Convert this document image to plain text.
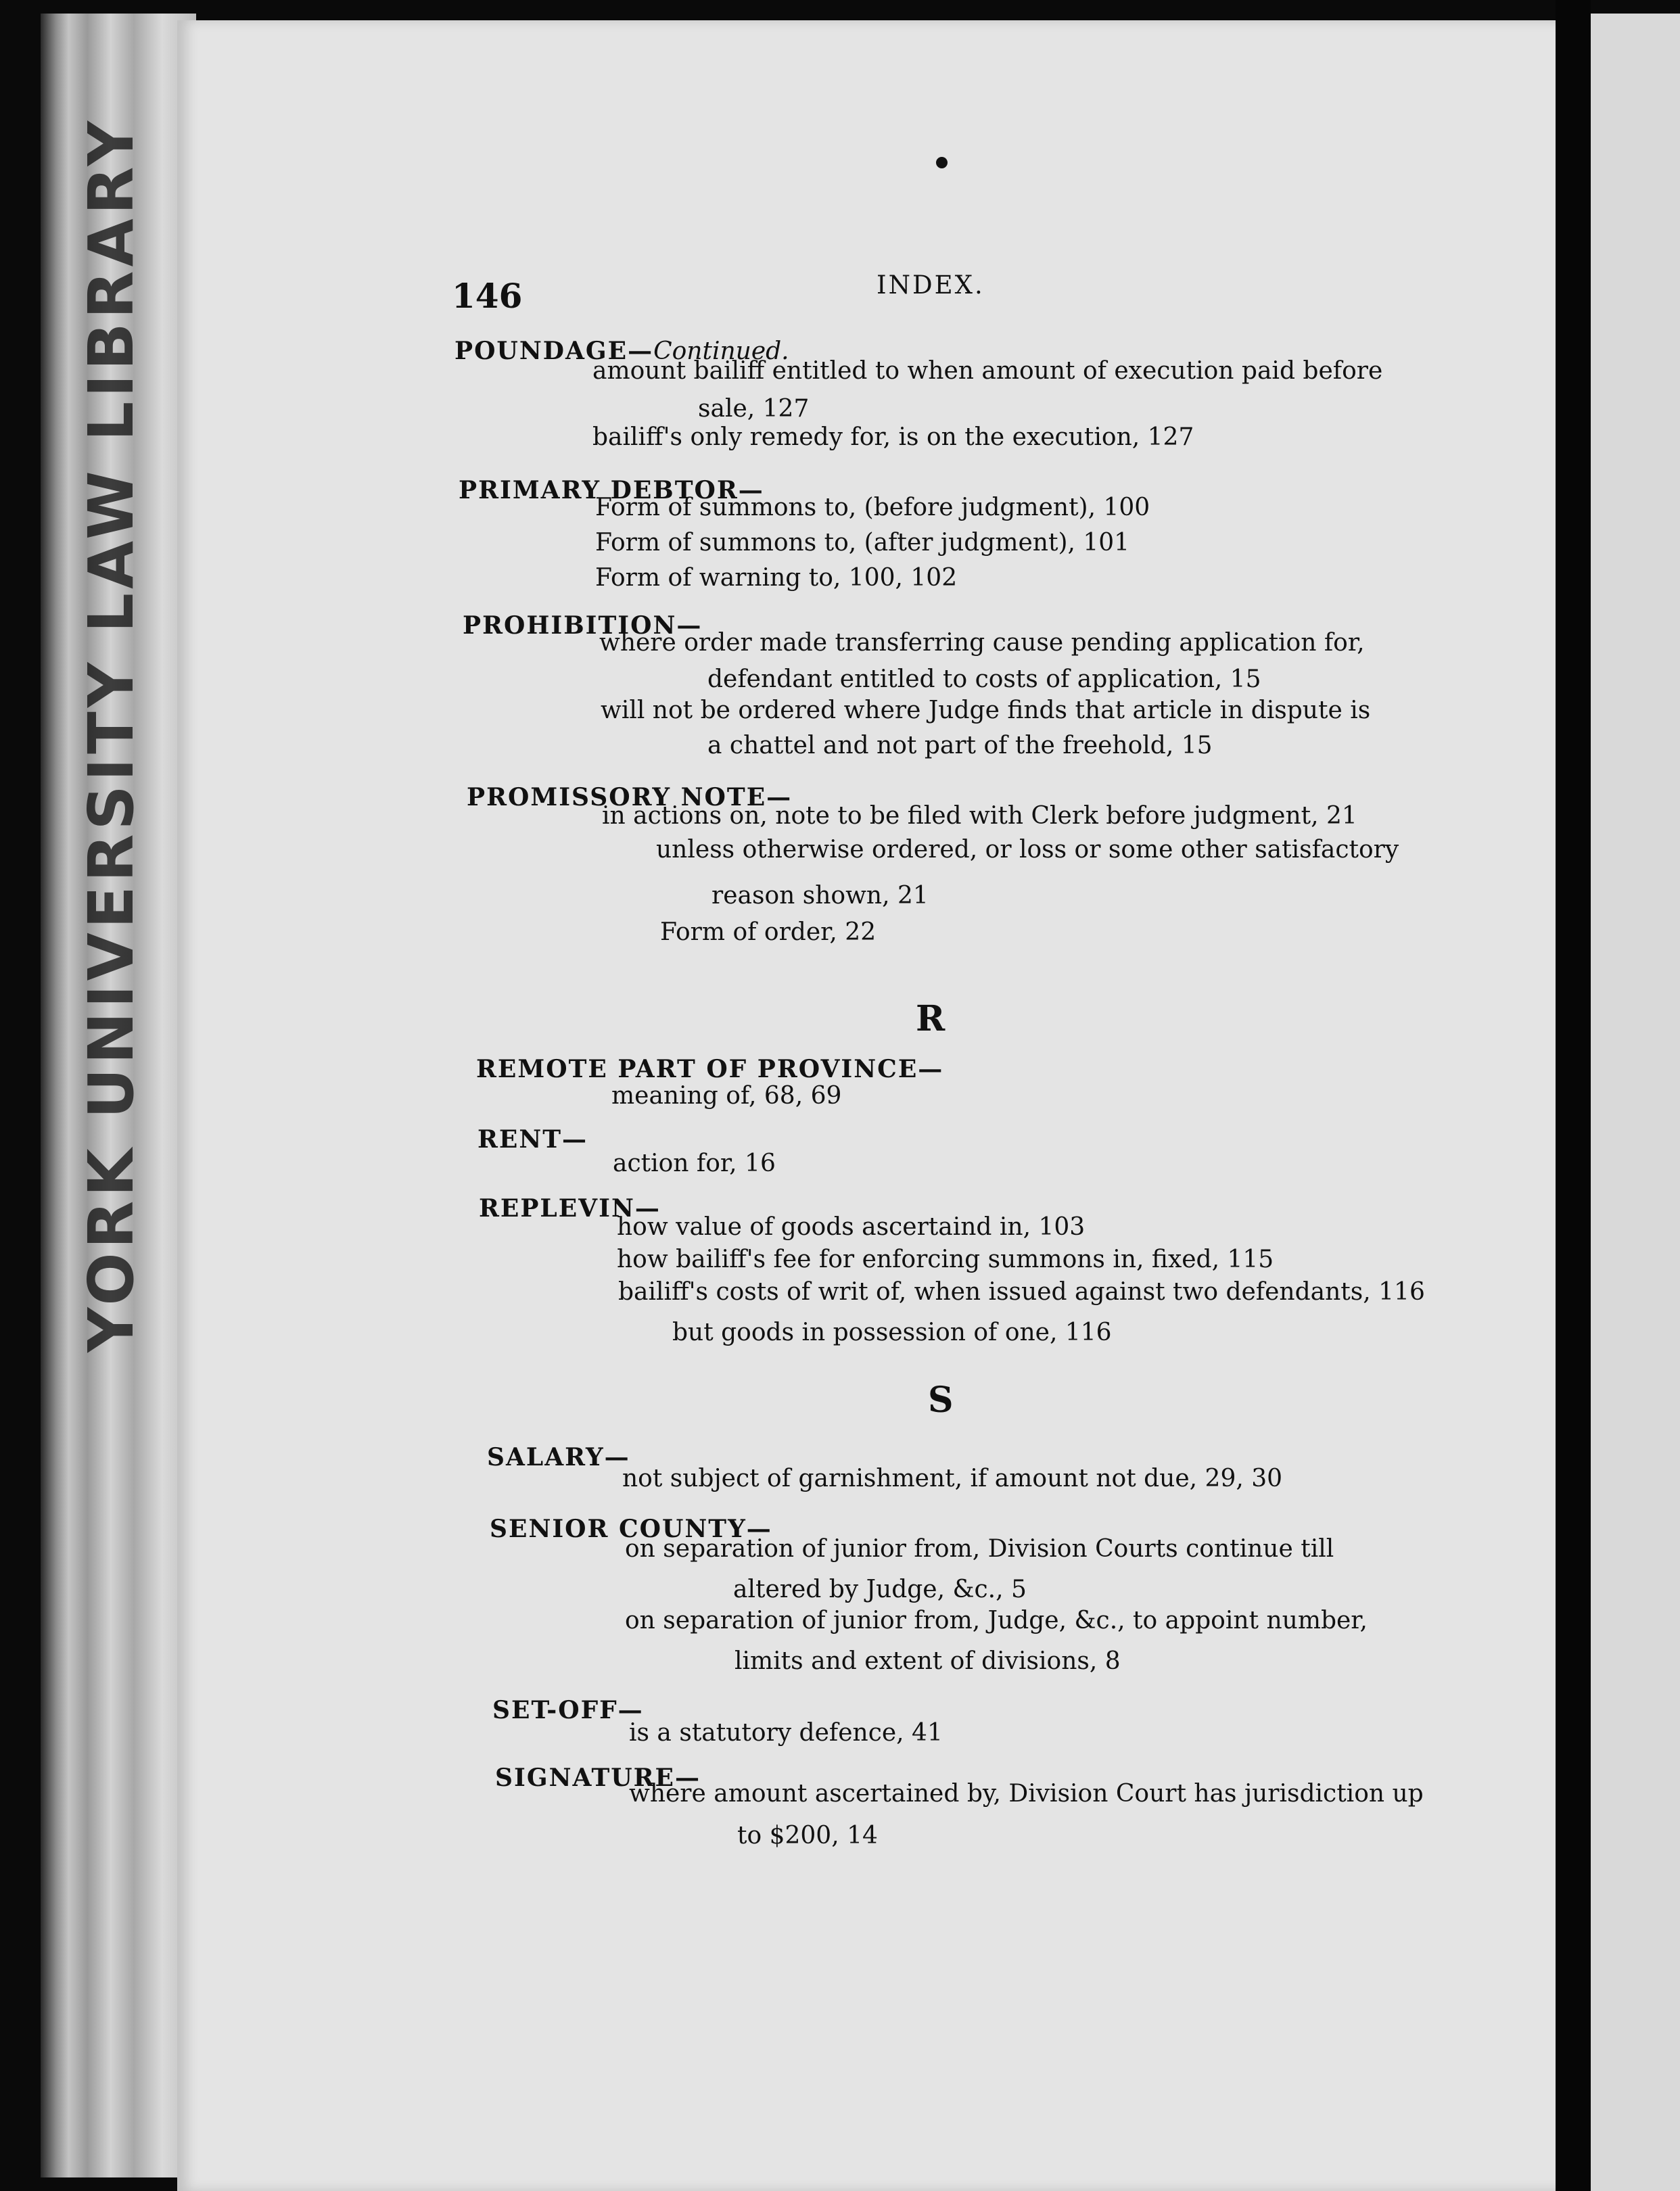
YORK UNIVERSITY LAW LIBRARY	146	INDEX.
POUNDAGE—Continued.
amount bailiff entitled to when amount of execution paid before
sale, 127
bailiff's only remedy for, is on the execution, 127
PRIMARY DEBTOR—
Form of summons to, (before judgment), 100
Form of summons to, (after judgment), 101
Form of warning to, 100, 102
PROHIBITION—
where order made transferring cause pending application for,
defendant entitled to costs of application, 15
will not be ordered where Judge finds that article in dispute is
a chattel and not part of the freehold, 15
PROMISSORY NOTE—
in actions on, note to be filed with Clerk before judgment, 21
unless otherwise ordered, or loss or some other satisfactory
reason shown, 21
Form of order, 22
R
REMOTE PART OF PROVINCE—
meaning of, 68, 69
RENT—
action for, 16
REPLEVIN—
how value of goods ascertaind in, 103
how bailiff's fee for enforcing summons in, fixed, 115
bailiff's costs of writ of, when issued against two defendants, 116
but goods in possession of one, 116
S
SALARY—
not subject of garnishment, if amount not due, 29, 30
SENIOR COUNTY—
on separation of junior from, Division Courts continue till
altered by Judge, &c., 5
on separation of junior from, Judge, &c., to appoint number,
limits and extent of divisions, 8
SET-OFF—
is a statutory defence, 41
SIGNATURE—
where amount ascertained by, Division Court has jurisdiction up
to $200, 14
